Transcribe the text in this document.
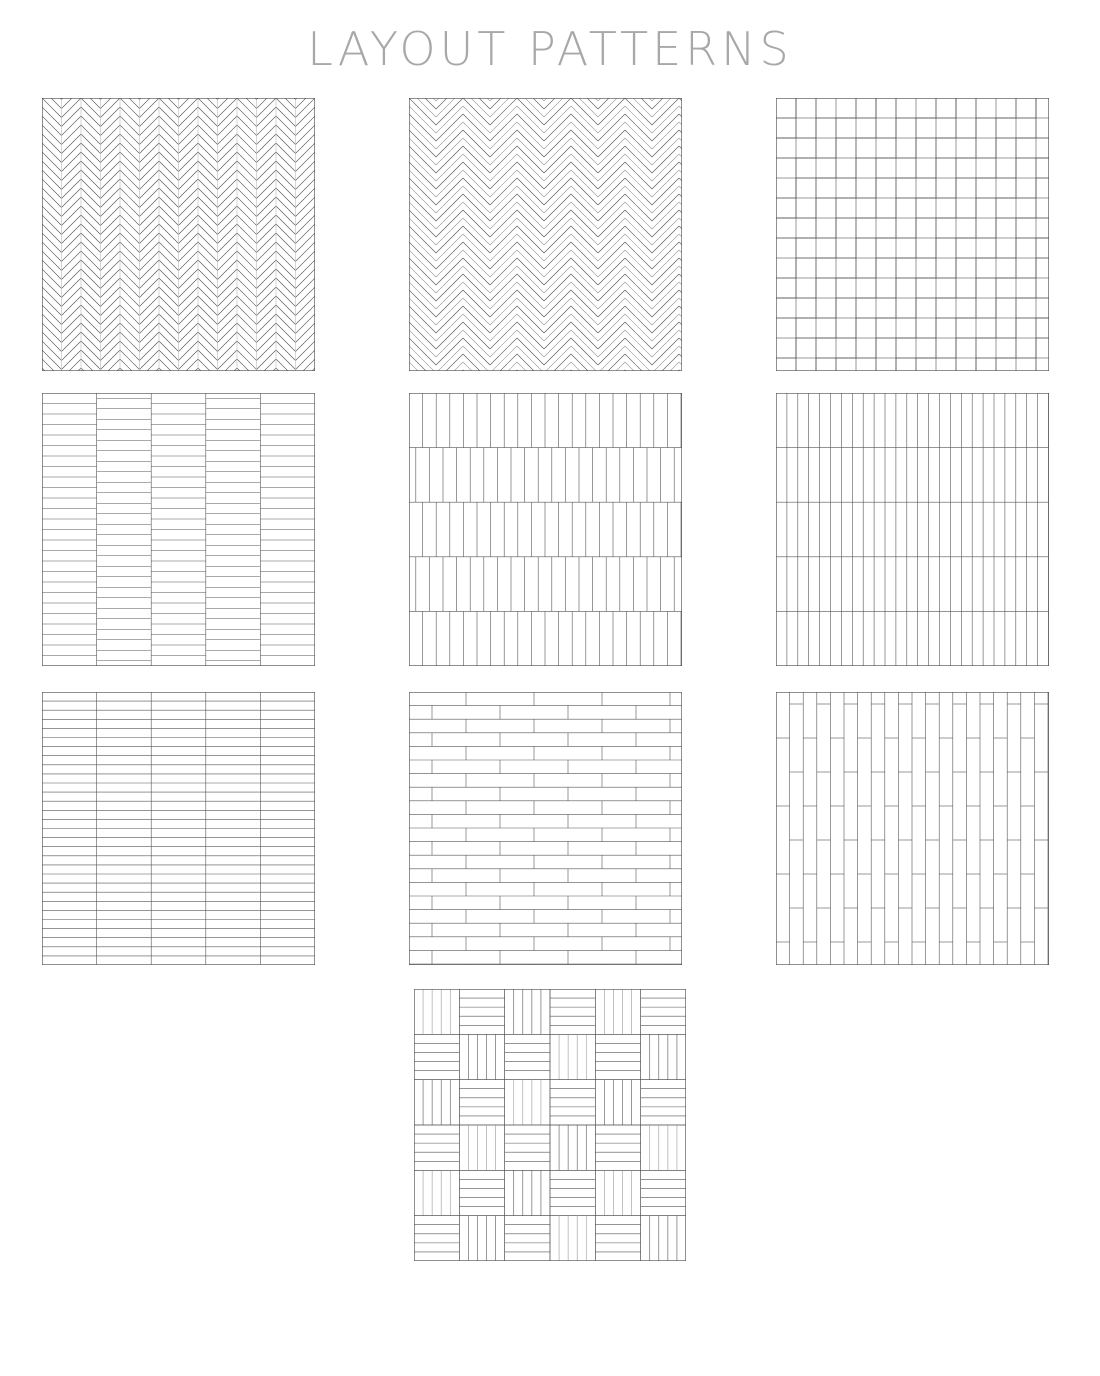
LAYOUT PATTERNS
